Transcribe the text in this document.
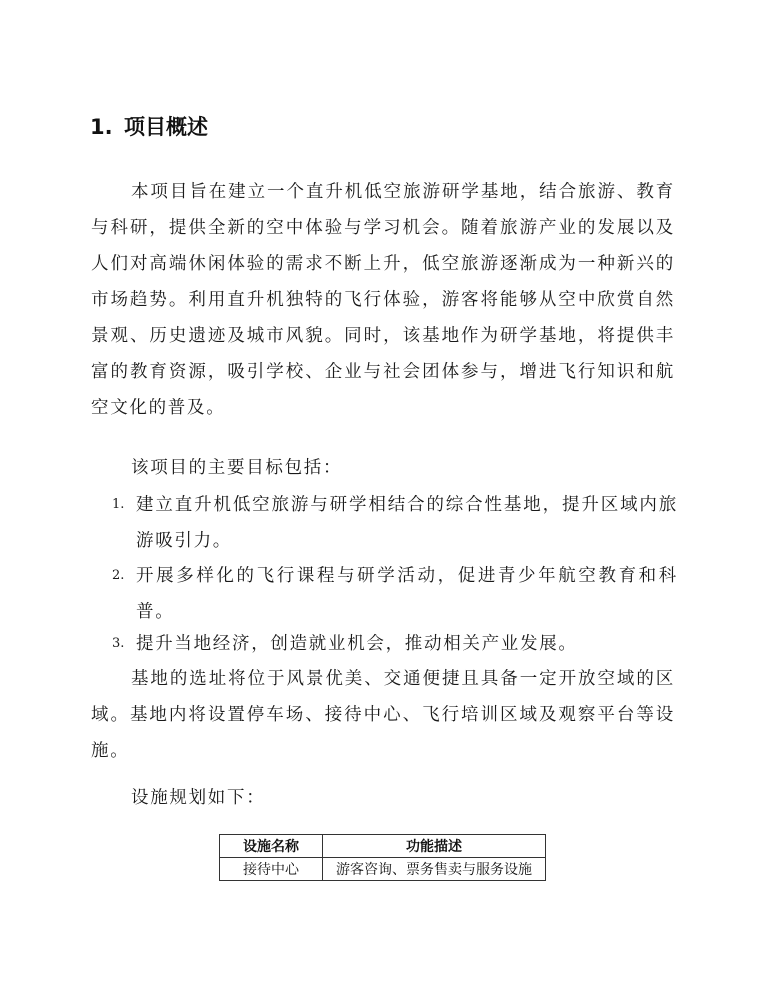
1. 项目概述

本项目旨在建立一个直升机低空旅游研学基地，结合旅游、教育与科研，提供全新的空中体验与学习机会。随着旅游产业的发展以及人们对高端休闲体验的需求不断上升，低空旅游逐渐成为一种新兴的市场趋势。利用直升机独特的飞行体验，游客将能够从空中欣赏自然景观、历史遗迹及城市风貌。同时，该基地作为研学基地，将提供丰富的教育资源，吸引学校、企业与社会团体参与，增进飞行知识和航空文化的普及。

该项目的主要目标包括：

1. 建立直升机低空旅游与研学相结合的综合性基地，提升区域内旅游吸引力。
2. 开展多样化的飞行课程与研学活动，促进青少年航空教育和科普。
3. 提升当地经济，创造就业机会，推动相关产业发展。

基地的选址将位于风景优美、交通便捷且具备一定开放空域的区域。基地内将设置停车场、接待中心、飞行培训区域及观察平台等设施。

设施规划如下：

设施名称	功能描述
接待中心	游客咨询、票务售卖与服务设施
